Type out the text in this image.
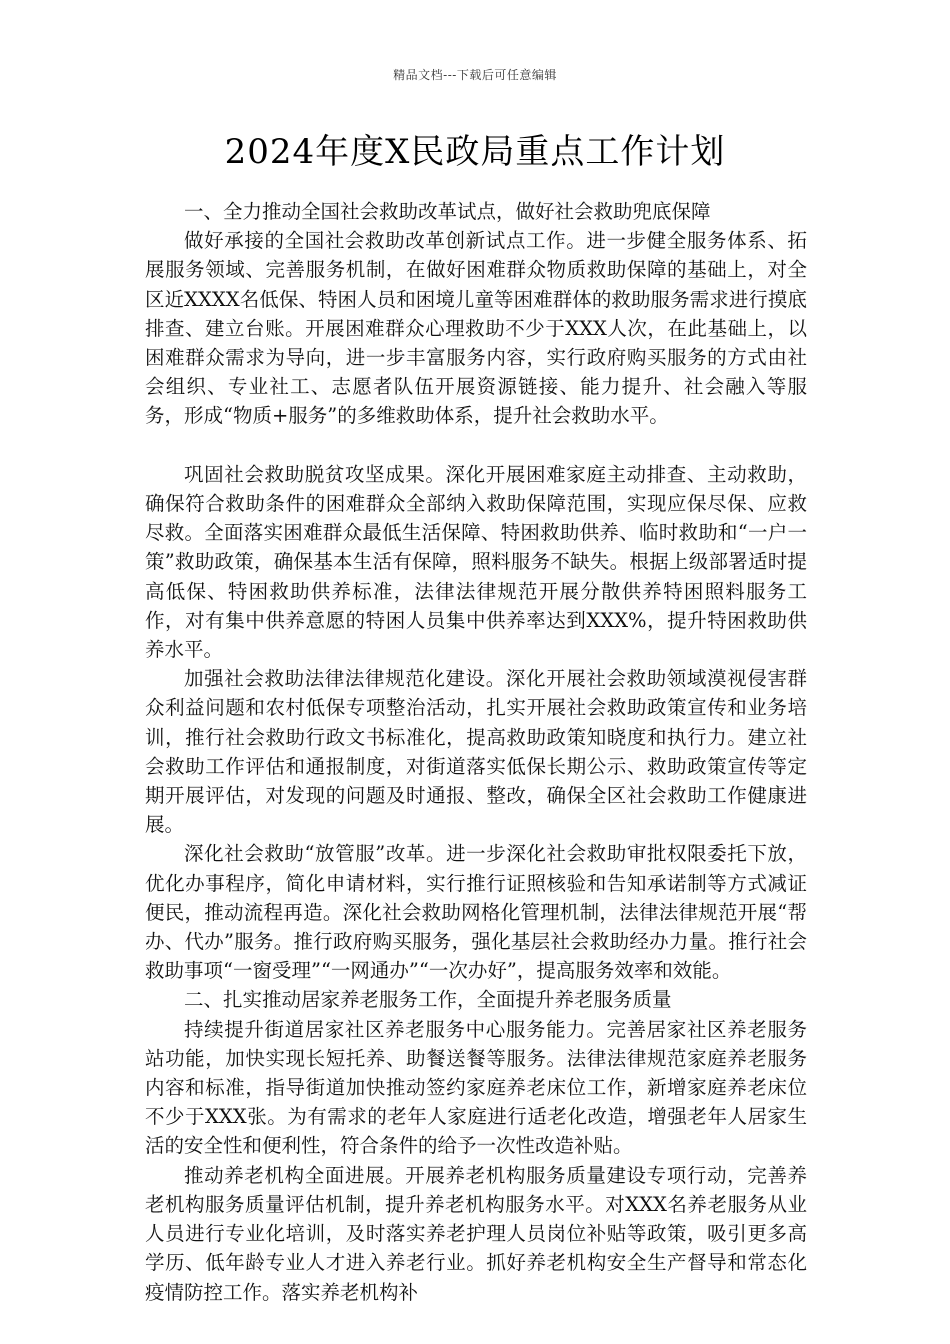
精品文档---下载后可任意编辑
2024年度X民政局重点工作计划

一、全力推动全国社会救助改革试点，做好社会救助兜底保障

做好承接的全国社会救助改革创新试点工作。进一步健全服务体系、拓展服务领域、完善服务机制，在做好困难群众物质救助保障的基础上，对全区近XXXX名低保、特困人员和困境儿童等困难群体的救助服务需求进行摸底排查、建立台账。开展困难群众心理救助不少于XXX人次，在此基础上，以困难群众需求为导向，进一步丰富服务内容，实行政府购买服务的方式由社会组织、专业社工、志愿者队伍开展资源链接、能力提升、社会融入等服务，形成“物质+服务”的多维救助体系，提升社会救助水平。

巩固社会救助脱贫攻坚成果。深化开展困难家庭主动排查、主动救助，确保符合救助条件的困难群众全部纳入救助保障范围，实现应保尽保、应救尽救。全面落实困难群众最低生活保障、特困救助供养、临时救助和“一户一策”救助政策，确保基本生活有保障，照料服务不缺失。根据上级部署适时提高低保、特困救助供养标准，法律法律规范开展分散供养特困照料服务工作，对有集中供养意愿的特困人员集中供养率达到XXX%，提升特困救助供养水平。

加强社会救助法律法律规范化建设。深化开展社会救助领域漠视侵害群众利益问题和农村低保专项整治活动，扎实开展社会救助政策宣传和业务培训，推行社会救助行政文书标准化，提高救助政策知晓度和执行力。建立社会救助工作评估和通报制度，对街道落实低保长期公示、救助政策宣传等定期开展评估，对发现的问题及时通报、整改，确保全区社会救助工作健康进展。

深化社会救助“放管服”改革。进一步深化社会救助审批权限委托下放，优化办事程序，简化申请材料，实行推行证照核验和告知承诺制等方式减证便民，推动流程再造。深化社会救助网格化管理机制，法律法律规范开展“帮办、代办”服务。推行政府购买服务，强化基层社会救助经办力量。推行社会救助事项“一窗受理”“一网通办”“一次办好”，提高服务效率和效能。

二、扎实推动居家养老服务工作，全面提升养老服务质量

持续提升街道居家社区养老服务中心服务能力。完善居家社区养老服务站功能，加快实现长短托养、助餐送餐等服务。法律法律规范家庭养老服务内容和标准，指导街道加快推动签约家庭养老床位工作，新增家庭养老床位不少于XXX张。为有需求的老年人家庭进行适老化改造，增强老年人居家生活的安全性和便利性，符合条件的给予一次性改造补贴。

推动养老机构全面进展。开展养老机构服务质量建设专项行动，完善养老机构服务质量评估机制，提升养老机构服务水平。对XXX名养老服务从业人员进行专业化培训，及时落实养老护理人员岗位补贴等政策，吸引更多高学历、低年龄专业人才进入养老行业。抓好养老机构安全生产督导和常态化疫情防控工作。落实养老机构补
